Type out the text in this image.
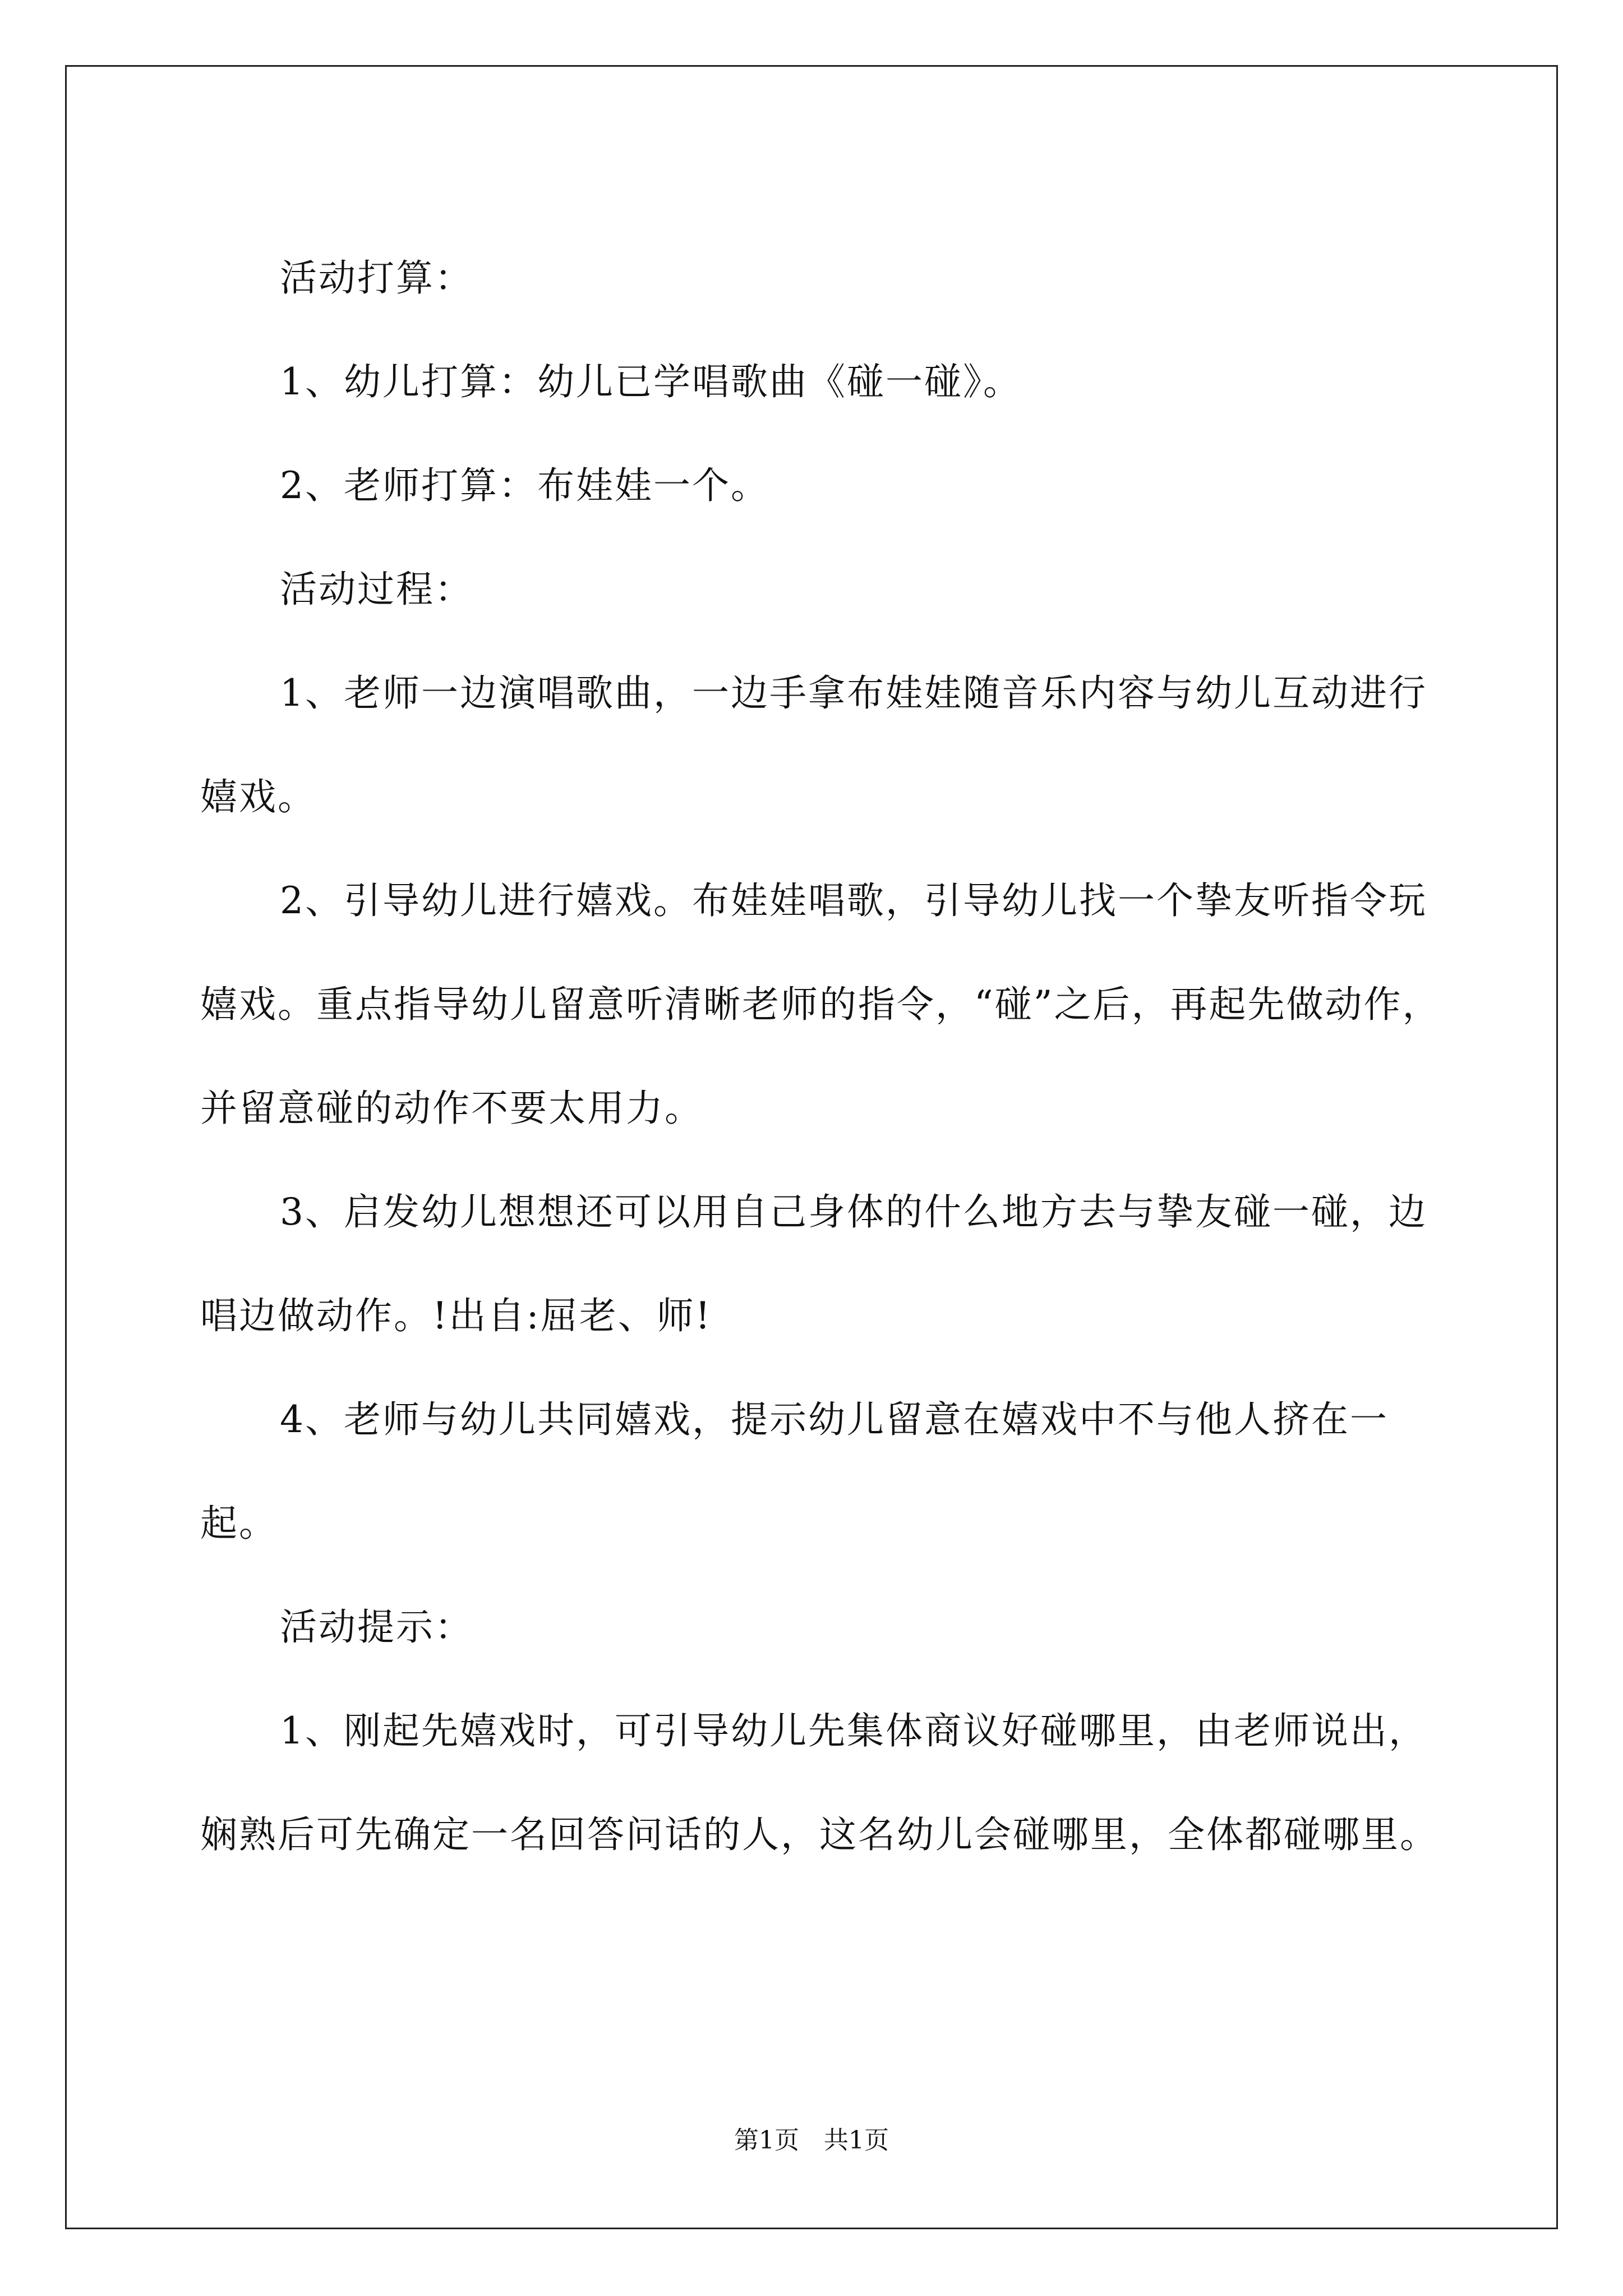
活动打算：

1、幼儿打算：幼儿已学唱歌曲《碰一碰》。

2、老师打算：布娃娃一个。

活动过程：

1、老师一边演唱歌曲，一边手拿布娃娃随音乐内容与幼儿互动进行嬉戏。

2、引导幼儿进行嬉戏。布娃娃唱歌，引导幼儿找一个挚友听指令玩嬉戏。重点指导幼儿留意听清晰老师的指令，“碰”之后，再起先做动作，并留意碰的动作不要太用力。

3、启发幼儿想想还可以用自己身体的什么地方去与挚友碰一碰，边唱边做动作。!出自:屈老、师!

4、老师与幼儿共同嬉戏，提示幼儿留意在嬉戏中不与他人挤在一起。

活动提示：

1、刚起先嬉戏时，可引导幼儿先集体商议好碰哪里，由老师说出，娴熟后可先确定一名回答问话的人，这名幼儿会碰哪里，全体都碰哪里。

第1页　共1页
